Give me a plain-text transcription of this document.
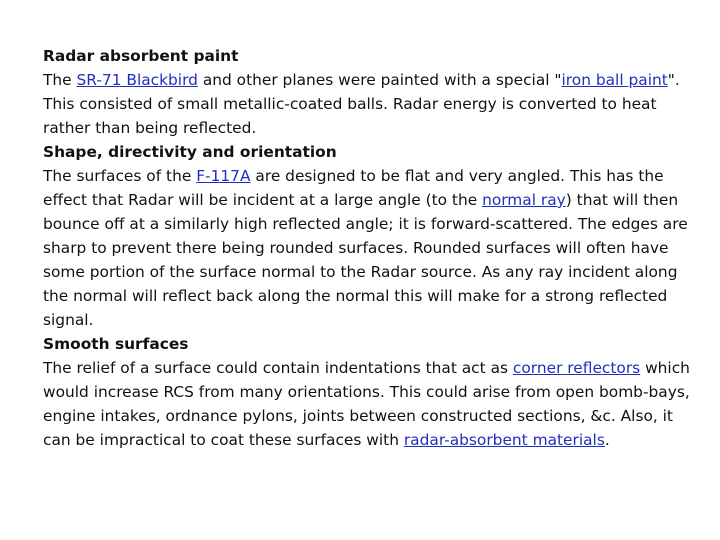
Radar absorbent paint

The SR-71 Blackbird and other planes were painted with a special "iron ball paint". This consisted of small metallic-coated balls. Radar energy is converted to heat rather than being reflected.

Shape, directivity and orientation

The surfaces of the F-117A are designed to be flat and very angled. This has the effect that Radar will be incident at a large angle (to the normal ray) that will then bounce off at a similarly high reflected angle; it is forward-scattered. The edges are sharp to prevent there being rounded surfaces. Rounded surfaces will often have some portion of the surface normal to the Radar source. As any ray incident along the normal will reflect back along the normal this will make for a strong reflected signal.

Smooth surfaces

The relief of a surface could contain indentations that act as corner reflectors which would increase RCS from many orientations. This could arise from open bomb-bays, engine intakes, ordnance pylons, joints between constructed sections, &c. Also, it can be impractical to coat these surfaces with radar-absorbent materials.
